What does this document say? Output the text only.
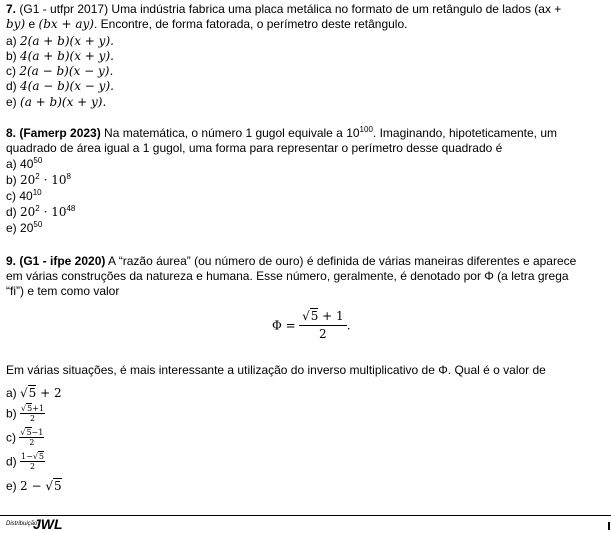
7. (G1 - utfpr 2017) Uma indústria fabrica uma placa metálica no formato de um retângulo de lados (ax +
by) e (bx + ay). Encontre, de forma fatorada, o perímetro deste retângulo.
a) 2(a + b)(x + y).
b) 4(a + b)(x + y).
c) 2(a − b)(x − y).
d) 4(a − b)(x − y).
e) (a + b)(x + y).
8. (Famerp 2023) Na matemática, o número 1 gugol equivale a $10^{100}$. Imaginando, hipoteticamente, um
quadrado de área igual a 1 gugol, uma forma para representar o perímetro desse quadrado é
a) $40^{50}$
b) $20^2 \cdot 10^8$
c) $40^{10}$
d) $20^2 \cdot 10^{48}$
e) $20^{50}$
9. (G1 - ifpe 2020) A “razão áurea” (ou número de ouro) é definida de várias maneiras diferentes e aparece
em várias construções da natureza e humana. Esse número, geralmente, é denotado por Φ (a letra grega
“fi”) e tem como valor
$\Phi = \frac{√5 + 1}{2}$ .
Em várias situações, é mais interessante a utilização do inverso multiplicativo de Φ. Qual é o valor de
a) √5 + 2
$b) \frac{√5+1}{2}$
$c) \frac{√5-1}{2}$
$d) \frac{1-√5}{2}$
e) 2 − √5
Distribuição
JWL
